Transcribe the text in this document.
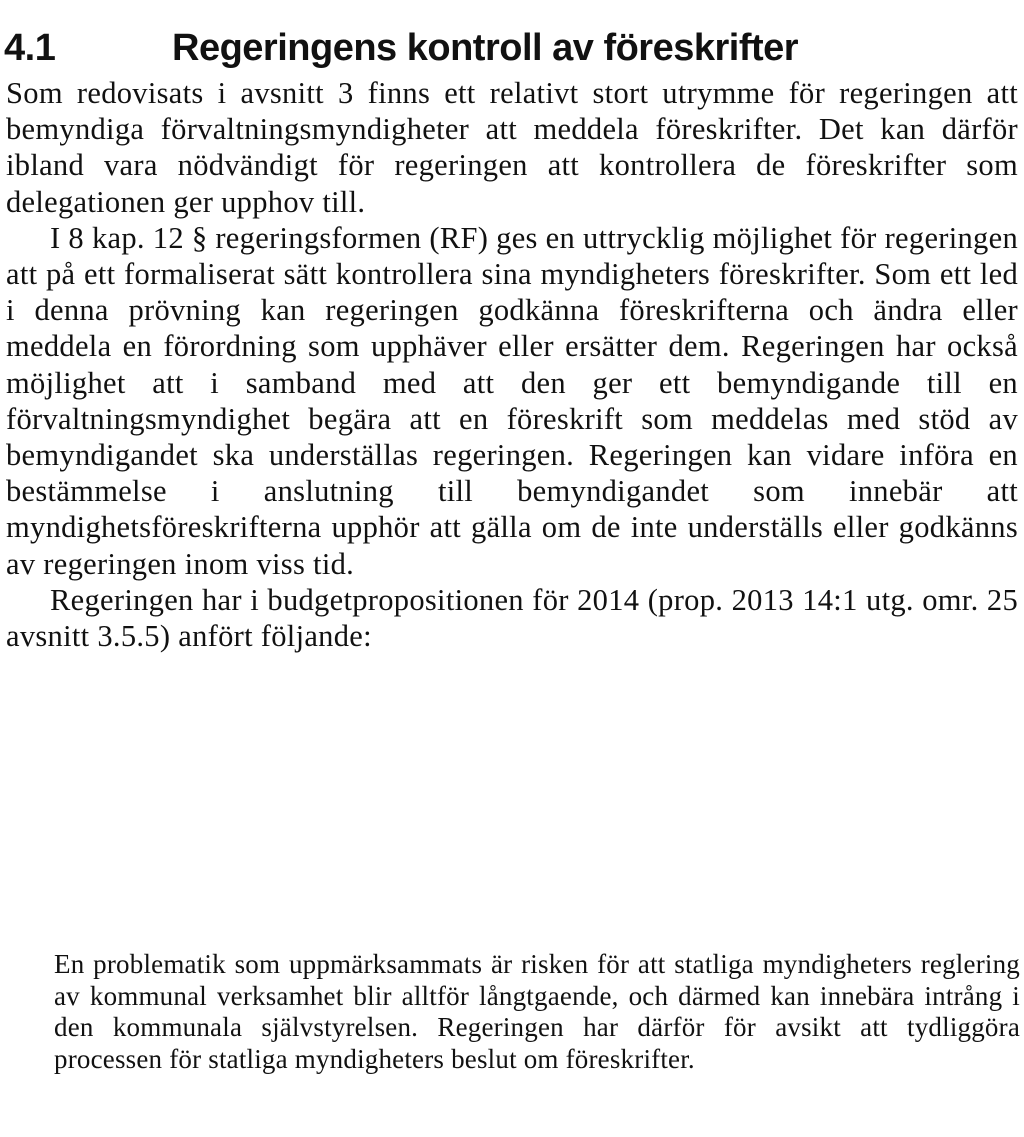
4.1	Regeringens kontroll av föreskrifter

Som redovisats i avsnitt 3 finns ett relativt stort utrymme för regeringen att bemyndiga förvaltningsmyndigheter att meddela föreskrifter. Det kan därför ibland vara nödvändigt för regeringen att kontrollera de föreskrifter som delegationen ger upphov till.

I 8 kap. 12 § regeringsformen (RF) ges en uttrycklig möjlighet för regeringen att på ett formaliserat sätt kontrollera sina myndigheters föreskrifter. Som ett led i denna prövning kan regeringen godkänna föreskrifterna och ändra eller meddela en förordning som upphäver eller ersätter dem. Regeringen har också möjlighet att i samband med att den ger ett bemyndigande till en förvaltningsmyndighet begära att en föreskrift som meddelas med stöd av bemyndigandet ska underställas regeringen. Regeringen kan vidare införa en bestämmelse i anslutning till bemyndigandet som innebär att myndighetsföreskrifterna upphör att gälla om de inte underställs eller godkänns av regeringen inom viss tid.

Regeringen har i budgetpropositionen för 2014 (prop. 2013 14:1 utg. omr. 25 avsnitt 3.5.5) anfört följande:

En problematik som uppmärksammats är risken för att statliga myndigheters reglering av kommunal verksamhet blir alltför långtgaende, och därmed kan innebära intrång i den kommunala självstyrelsen. Regeringen har därför för avsikt att tydliggöra processen för statliga myndigheters beslut om föreskrifter.
